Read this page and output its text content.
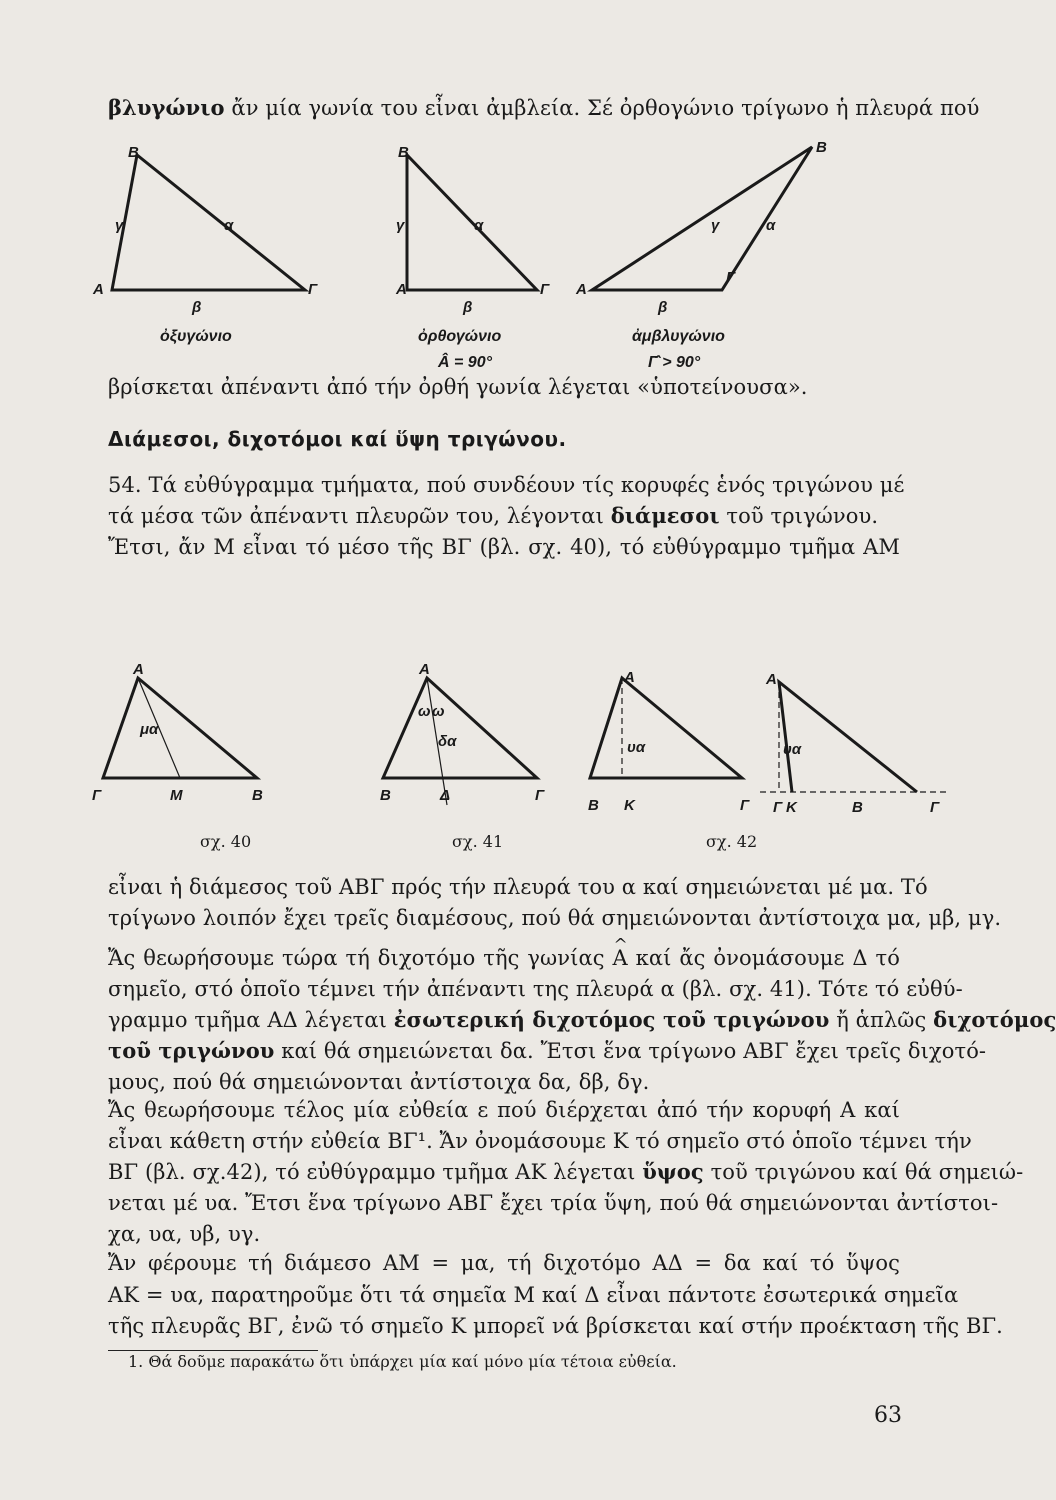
βλυγώνιο ἄν μία γωνία του εἶναι ἀμβλεία. Σέ ὀρθογώνιο τρίγωνο ἡ πλευρά πού
B
γ	α
A	Γ
β
ὀξυγώνιο
B
γ	α
A	Γ
β
ὀρθογώνιο
Â = 90°
B
γ	α
A
Γ
β
ἀμβλυγώνιο
Γ̂ > 90°
βρίσκεται ἀπέναντι ἀπό τήν ὀρθή γωνία λέγεται «ὑποτείνουσα».
Διάμεσοι, διχοτόμοι καί ὕψη τριγώνου.
54. Τά εὐθύγραμμα τμήματα, πού συνδέουν τίς κορυφές ἑνός τριγώνου μέ
τά μέσα τῶν ἀπέναντι πλευρῶν του, λέγονται διάμεσοι τοῦ τριγώνου.
Ἔτσι, ἄν Μ εἶναι τό μέσο τῆς ΒΓ (βλ. σχ. 40), τό εὐθύγραμμο τμῆμα ΑΜ
A
μα
Γ	M	B
σχ. 40
A
ω ω
δα
B	Δ	Γ
σχ. 41
A
υα
B K	Γ
A
υα
Γ K	B	Γ
σχ. 42
εἶναι ἡ διάμεσος τοῦ ΑΒΓ πρός τήν πλευρά του α καί σημειώνεται μέ μα. Τό
τρίγωνο λοιπόν ἔχει τρεῖς διαμέσους, πού θά σημειώνονται ἀντίστοιχα μα, μβ, μγ.
Ἄς θεωρήσουμε τώρα τή διχοτόμο τῆς γωνίας ^ Α καί ἄς ὀνομάσουμε Δ τό
σημεῖο, στό ὁποῖο τέμνει τήν ἀπέναντι της πλευρά α (βλ. σχ. 41). Τότε τό εὐθύ-
γραμμο τμῆμα ΑΔ λέγεται ἐσωτερική διχοτόμος τοῦ τριγώνου ἤ ἁπλῶς διχοτόμος
τοῦ τριγώνου καί θά σημειώνεται δα. Ἔτσι ἕνα τρίγωνο ΑΒΓ ἔχει τρεῖς διχοτό-
μους, πού θά σημειώνονται ἀντίστοιχα δα, δβ, δγ.
Ἄς θεωρήσουμε τέλος μία εὐθεία ε πού διέρχεται ἀπό τήν κορυφή Α καί
εἶναι κάθετη στήν εὐθεία ΒΓ¹. Ἄν ὀνομάσουμε Κ τό σημεῖο στό ὁποῖο τέμνει τήν
ΒΓ (βλ. σχ.42), τό εὐθύγραμμο τμῆμα ΑΚ λέγεται ὕψος τοῦ τριγώνου καί θά σημειώ-
νεται μέ υα. Ἔτσι ἕνα τρίγωνο ΑΒΓ ἔχει τρία ὕψη, πού θά σημειώνονται ἀντίστοι-
χα, υα, υβ, υγ.
Ἄν φέρουμε τή διάμεσο ΑΜ = μα, τή διχοτόμο ΑΔ = δα καί τό ὕψος
ΑΚ = υα, παρατηροῦμε ὅτι τά σημεῖα Μ καί Δ εἶναι πάντοτε ἐσωτερικά σημεῖα
τῆς πλευρᾶς ΒΓ, ἐνῶ τό σημεῖο Κ μπορεῖ νά βρίσκεται καί στήν προέκταση τῆς ΒΓ.
1. Θά δοῦμε παρακάτω ὅτι ὑπάρχει μία καί μόνο μία τέτοια εὐθεία.
63
